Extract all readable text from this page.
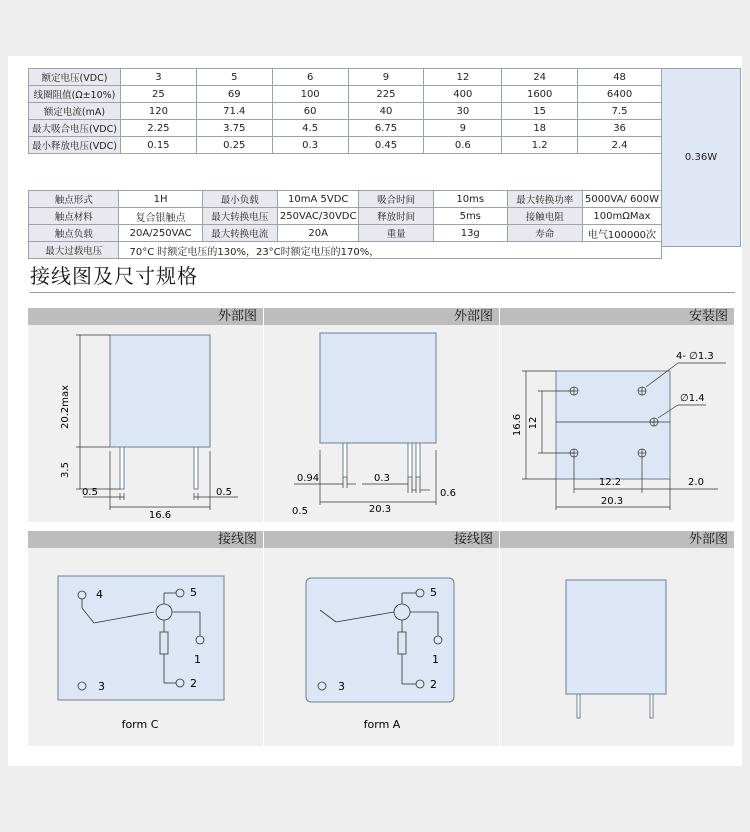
额定电压(VDC)	3	5	6	9	12	24	48
线圈阻值(Ω±10%)	25	69	100	225	400	1600	6400
额定电流(mA)	120	71.4	60	40	30	15	7.5
最大吸合电压(VDC)	2.25	3.75	4.5	6.75	9	18	36
最小释放电压(VDC)	0.15	0.25	0.3	0.45	0.6	1.2	2.4
0.36W

触点形式	1H	最小负载	10mA 5VDC	吸合时间	10ms	最大转换功率	5000VA/ 600W
触点材料	复合银触点	最大转换电压	250VAC/30VDC	释放时间	5ms	接触电阻	100mΩMax
触点负载	20A/250VAC	最大转换电流	20A	重量	13g	寿命	电气100000次
最大过载电压	70°C 时额定电压的130%，23°C时额定电压的170%，						
接线图及尺寸规格
外部图
20.2max
3.5
0.5
16.6
0.5
外部图
0.94	0.3
0.6
0.5	20.3
安装图
4- ∅1.3
∅1.4
16.6 12
12.2	2.0
20.3
接线图
4	5
1
3	2
form C
接线图
5
1
3	2
form A
外部图
